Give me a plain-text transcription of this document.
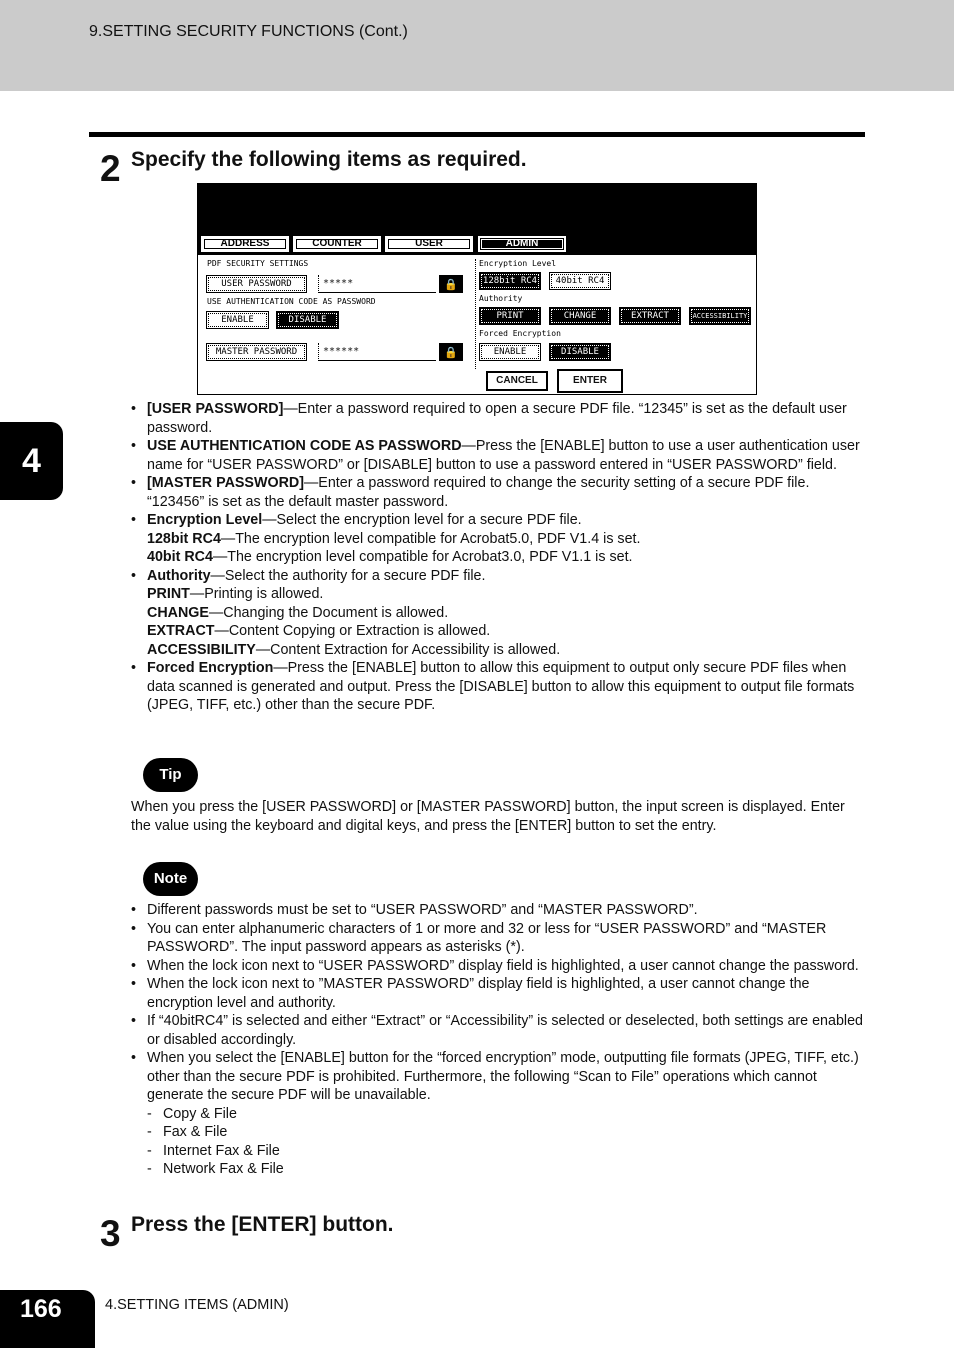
9.SETTING SECURITY FUNCTIONS (Cont.)
2 Specify the following items as required.
4
ADDRESS	COUNTER	USER	ADMIN
PDF SECURITY SETTINGS
USER PASSWORD	*****	🔒
USE AUTHENTICATION CODE AS PASSWORD
ENABLE	DISABLE
MASTER PASSWORD	******	🔒
Encryption Level
128bit RC4	40bit RC4
Authority
PRINT	CHANGE	EXTRACT	ACCESSIBILITY
Forced Encryption
ENABLE	DISABLE
CANCEL	ENTER
• [USER PASSWORD]—Enter a password required to open a secure PDF file. “12345” is set as the default user password.
• USE AUTHENTICATION CODE AS PASSWORD—Press the [ENABLE] button to use a user authentication user name for “USER PASSWORD” or [DISABLE] button to use a password entered in “USER PASSWORD” field.
• [MASTER PASSWORD]—Enter a password required to change the security setting of a secure PDF file. “123456” is set as the default master password.
• Encryption Level—Select the encryption level for a secure PDF file.
128bit RC4—The encryption level compatible for Acrobat5.0, PDF V1.4 is set.
40bit RC4—The encryption level compatible for Acrobat3.0, PDF V1.1 is set.
• Authority—Select the authority for a secure PDF file.
PRINT—Printing is allowed.
CHANGE—Changing the Document is allowed.
EXTRACT—Content Copying or Extraction is allowed.
ACCESSIBILITY—Content Extraction for Accessibility is allowed.
• Forced Encryption—Press the [ENABLE] button to allow this equipment to output only secure PDF files when data scanned is generated and output. Press the [DISABLE] button to allow this equipment to output file formats (JPEG, TIFF, etc.) other than the secure PDF.
Tip
When you press the [USER PASSWORD] or [MASTER PASSWORD] button, the input screen is displayed. Enter the value using the keyboard and digital keys, and press the [ENTER] button to set the entry.
Note
• Different passwords must be set to “USER PASSWORD” and “MASTER PASSWORD”.
• You can enter alphanumeric characters of 1 or more and 32 or less for “USER PASSWORD” and “MASTER PASSWORD”. The input password appears as asterisks (*).
• When the lock icon next to “USER PASSWORD” display field is highlighted, a user cannot change the password.
• When the lock icon next to ”MASTER PASSWORD” display field is highlighted, a user cannot change the encryption level and authority.
• If “40bitRC4” is selected and either “Extract” or “Accessibility” is selected or deselected, both settings are enabled or disabled accordingly.
• When you select the [ENABLE] button for the “forced encryption” mode, outputting file formats (JPEG, TIFF, etc.) other than the secure PDF is prohibited. Furthermore, the following “Scan to File” operations which cannot generate the secure PDF will be unavailable.
- Copy & File
- Fax & File
- Internet Fax & File
- Network Fax & File
3 Press the [ENTER] button.
166	4.SETTING ITEMS (ADMIN)
